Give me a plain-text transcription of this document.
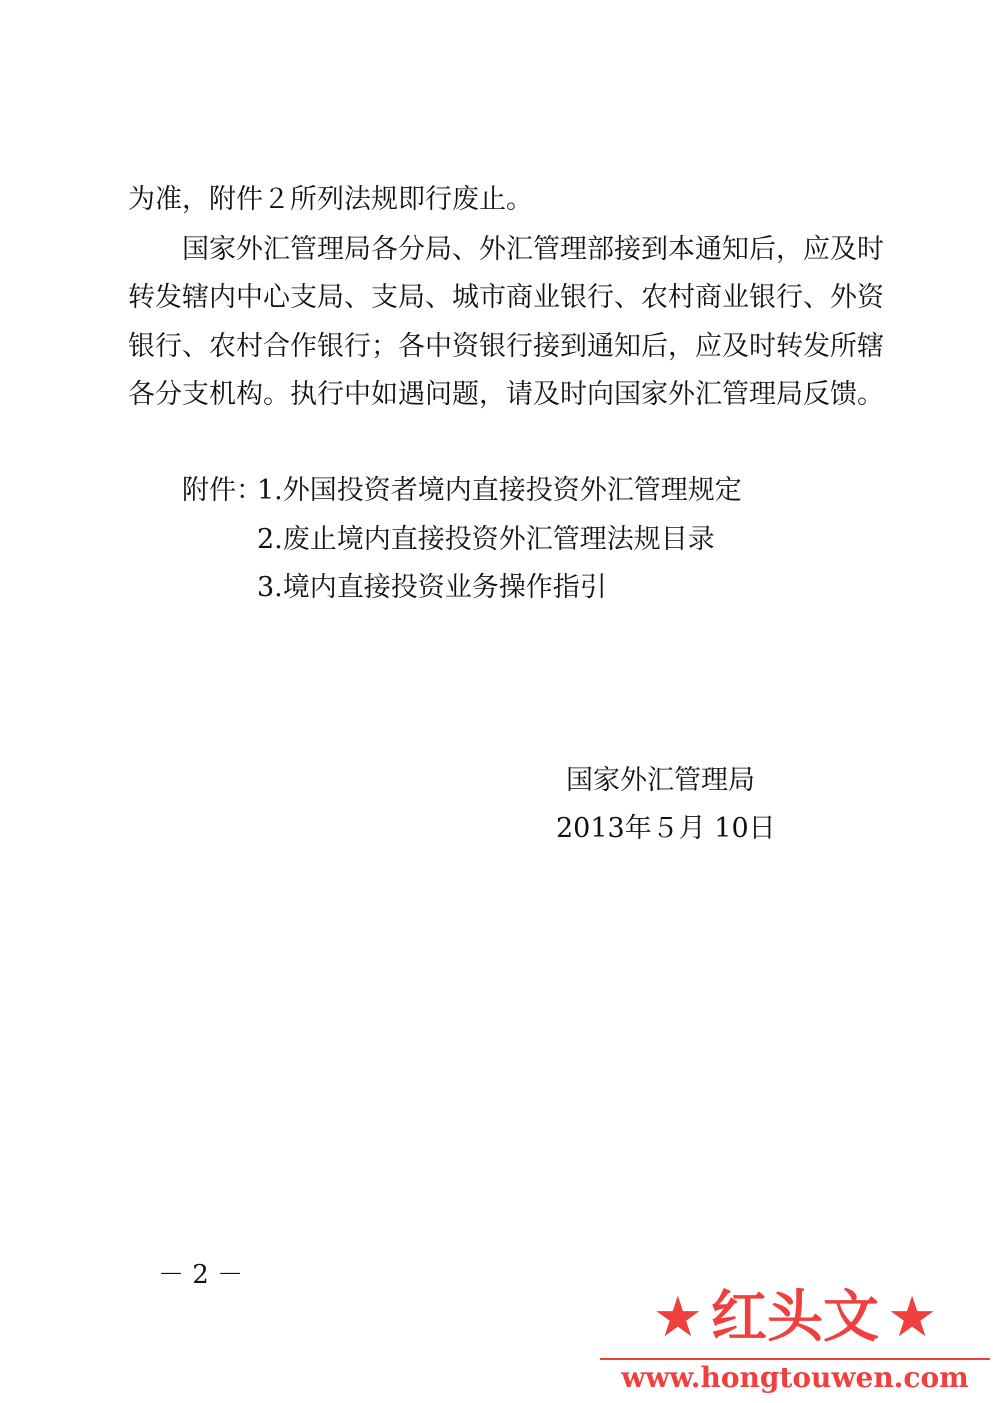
为准，附件２所列法规即行废止。
国家外汇管理局各分局、外汇管理部接到本通知后，应及时
转发辖内中心支局、支局、城市商业银行、农村商业银行、外资
银行、农村合作银行；各中资银行接到通知后，应及时转发所辖
各分支机构。执行中如遇问题，请及时向国家外汇管理局反馈。
附件：
1.外国投资者境内直接投资外汇管理规定
2.废止境内直接投资外汇管理法规目录
3.境内直接投资业务操作指引
国家外汇管理局
2013年５月 10日
－ 2 －
★ 红头文 ★
www.hongtouwen.com
